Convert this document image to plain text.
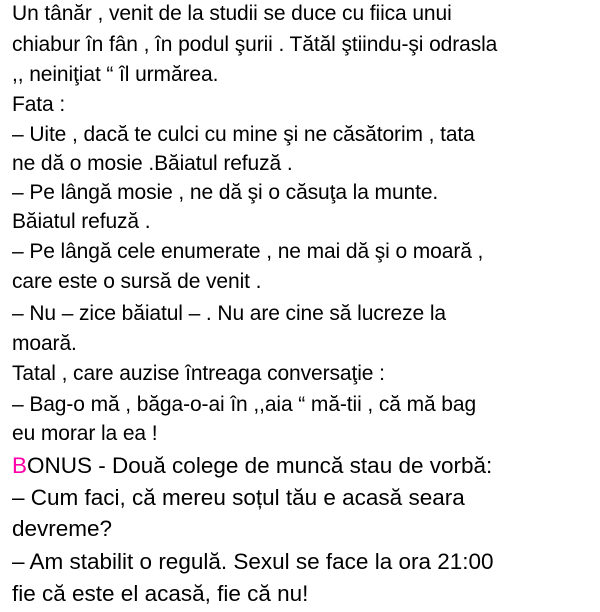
Un tânăr , venit de la studii se duce cu fiica unui
chiabur în fân , în podul şurii . Tătăl ştiindu-şi odrasla
,, neiniţiat “ îl urmărea.
Fata :
– Uite , dacă te culci cu mine şi ne căsătorim , tata
ne dă o mosie .Băiatul refuză .
– Pe lângă mosie , ne dă şi o căsuţa la munte.
Băiatul refuză .
– Pe lângă cele enumerate , ne mai dă şi o moară ,
care este o sursă de venit .
– Nu – zice băiatul – . Nu are cine să lucreze la
moară.
Tatal , care auzise întreaga conversaţie :
– Bag-o mă , băga-o-ai în ,,aia “ mă-tii , că mă bag
eu morar la ea !
BONUS - Două colege de muncă stau de vorbă:
– Cum faci, că mereu soțul tău e acasă seara
devreme?
– Am stabilit o regulă. Sexul se face la ora 21:00
fie că este el acasă, fie că nu!
